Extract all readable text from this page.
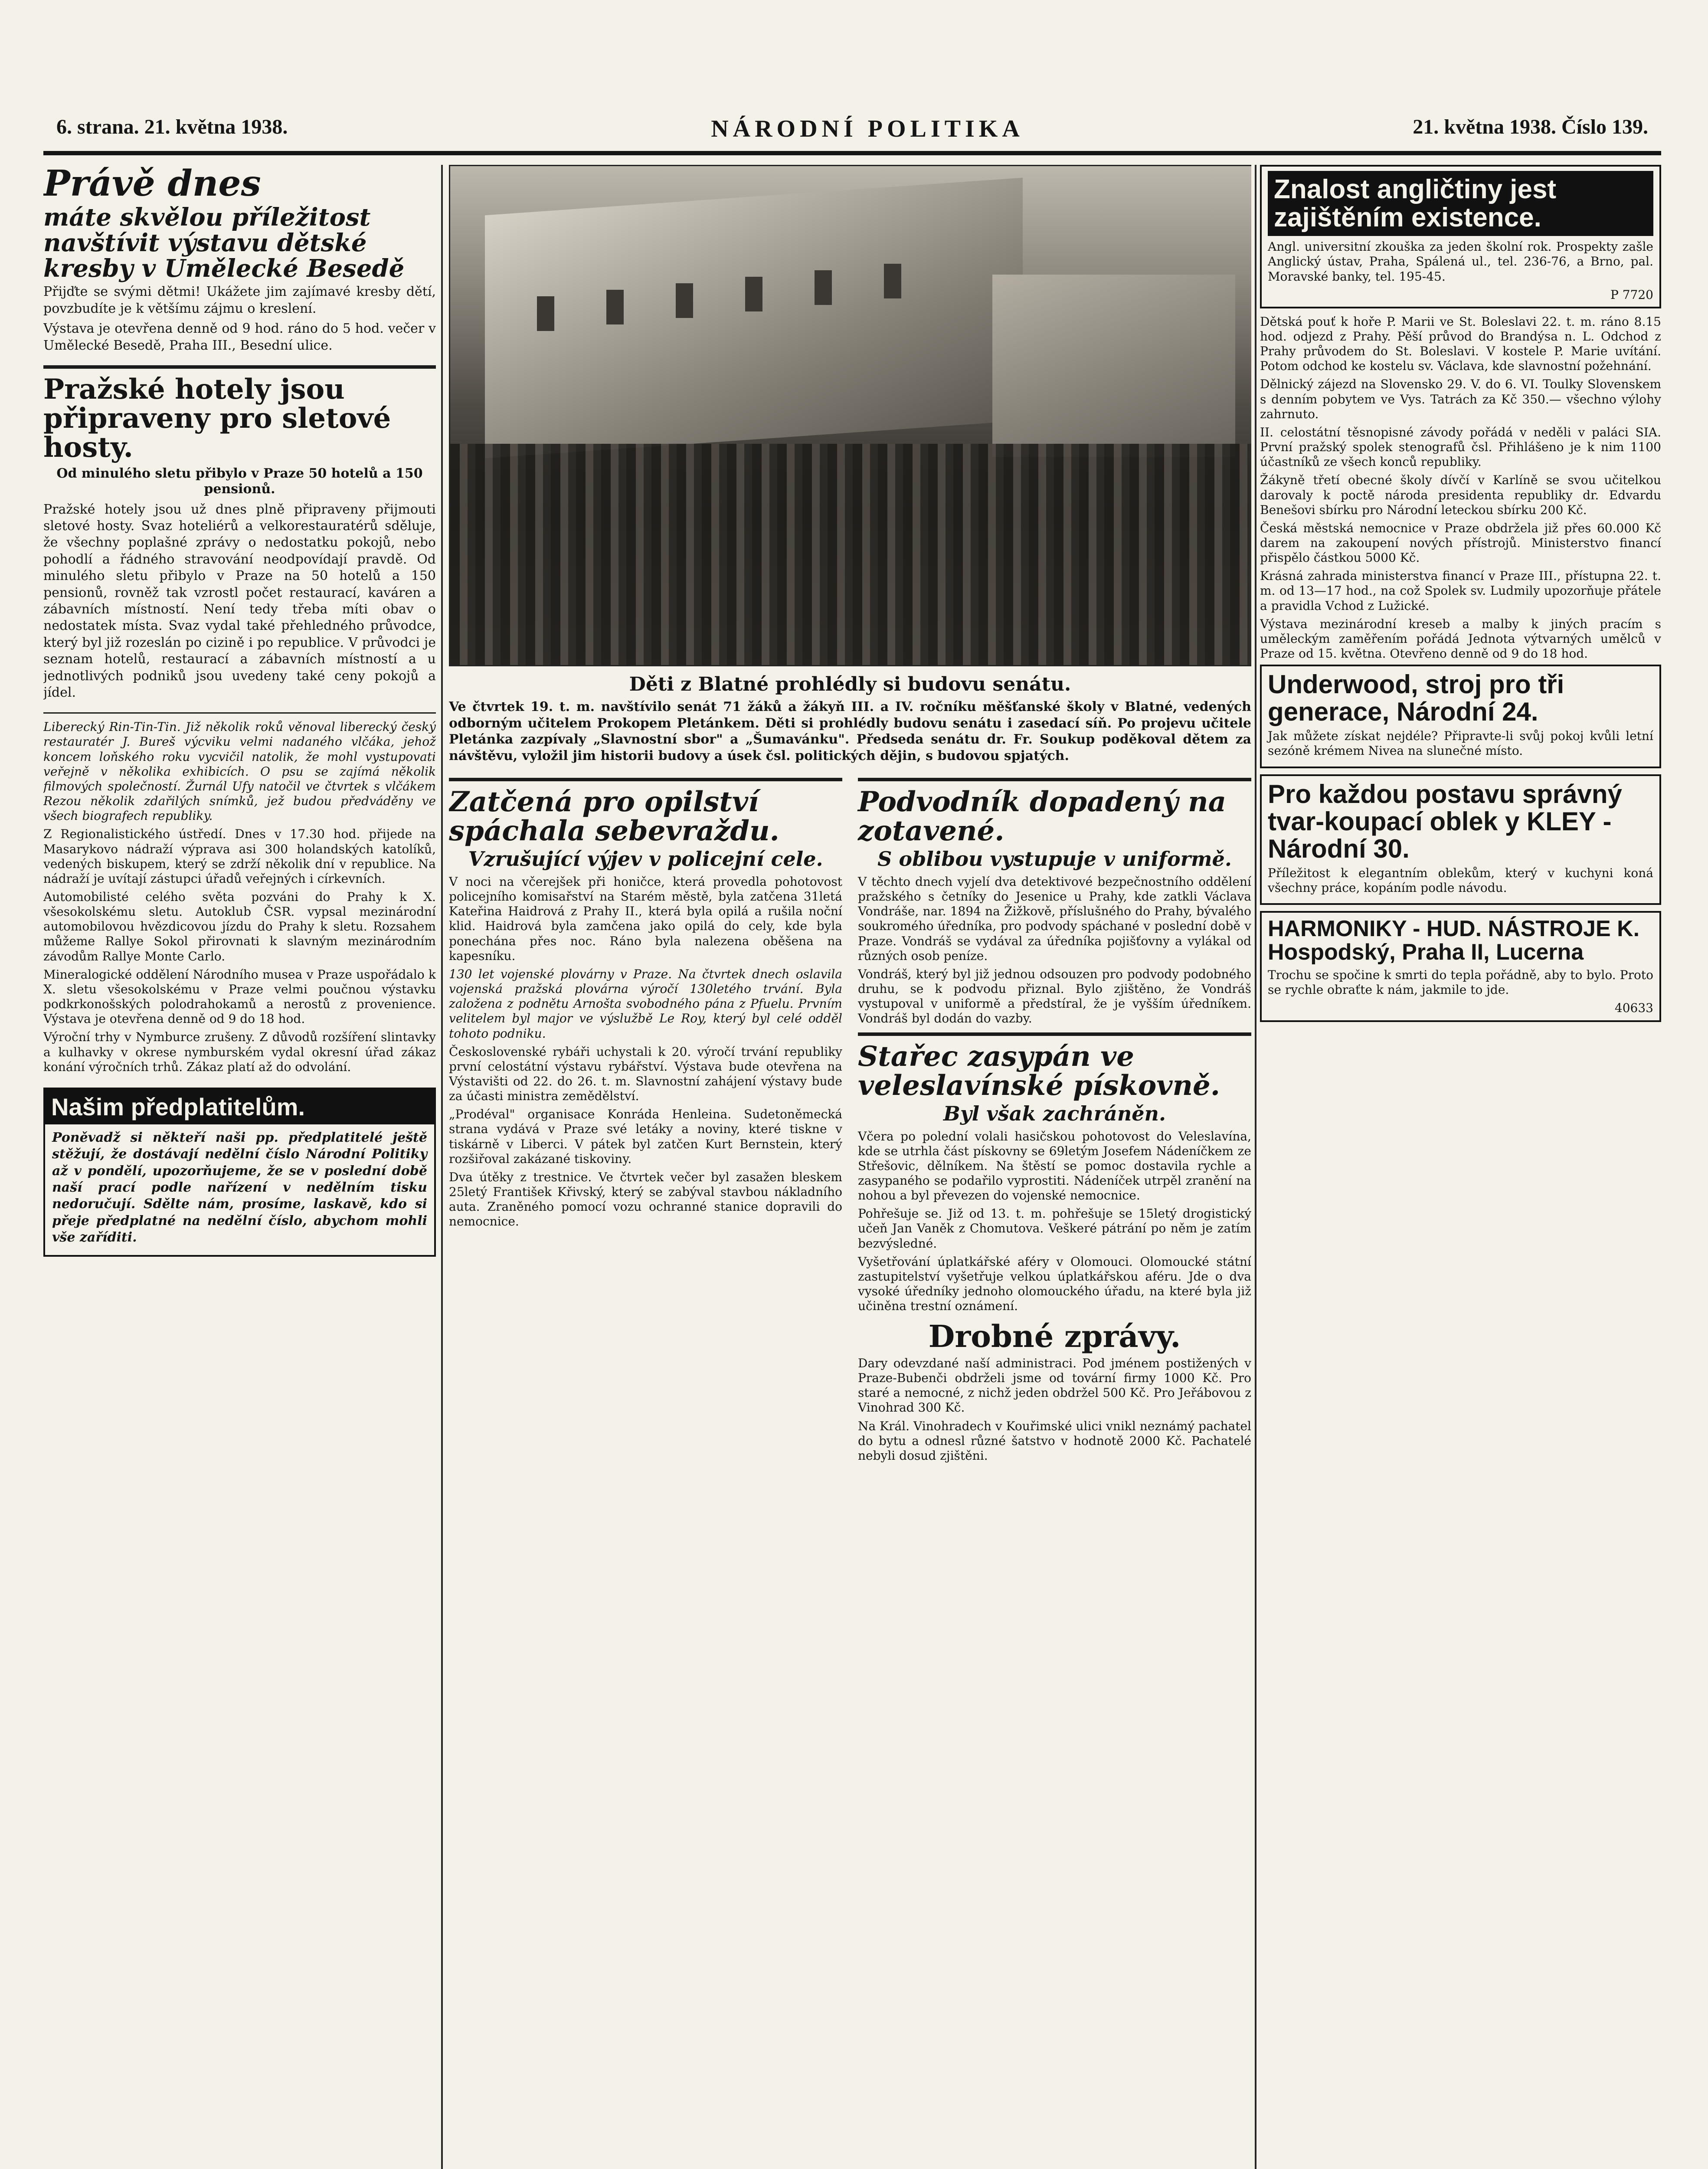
6. strana. 21. května 1938.	NÁRODNÍ POLITIKA	21. května 1938. Číslo 139.
Právě dnes
máte skvělou příležitost navštívit výstavu dětské kresby v Umělecké Besedě

Přijďte se svými dětmi! Ukážete jim zajímavé kresby dětí, povzbudíte je k většímu zájmu o kreslení.

Výstava je otevřena denně od 9 hod. ráno do 5 hod. večer v Umělecké Besedě, Praha III., Besední ulice.

Pražské hotely jsou připraveny pro sletové hosty.
Od minulého sletu přibylo v Praze 50 hotelů a 150 pensionů.

Pražské hotely jsou už dnes plně připraveny přijmouti sletové hosty. Svaz hoteliérů a velkorestauratérů sděluje, že všechny poplašné zprávy o nedostatku pokojů, nebo pohodlí a řádného stravování neodpovídají pravdě. Od minulého sletu přibylo v Praze na 50 hotelů a 150 pensionů, rovněž tak vzrostl počet restaurací, kaváren a zábavních místností. Není tedy třeba míti obav o nedostatek místa. Svaz vydal také přehledného průvodce, který byl již rozeslán po cizině i po republice. V průvodci je seznam hotelů, restaurací a zábavních místností a u jednotlivých podniků jsou uvedeny také ceny pokojů a jídel.

Liberecký Rin-Tin-Tin. Již několik roků věnoval liberecký český restauratér J. Bureš výcviku velmi nadaného vlčáka, jehož koncem loňského roku vycvičil natolik, že mohl vystupovati veřejně v několika exhibicích. O psu se zajímá několik filmových společností. Žurnál Ufy natočil ve čtvrtek s vlčákem Rezou několik zdařilých snímků, jež budou předváděny ve všech biografech republiky.

Z Regionalistického ústředí. Dnes v 17.30 hod. přijede na Masarykovo nádraží výprava asi 300 holandských katolíků, vedených biskupem, který se zdrží několik dní v republice. Na nádraží je uvítají zástupci úřadů veřejných i církevních.

Automobilisté celého světa pozváni do Prahy k X. všesokolskému sletu. Autoklub ČSR. vypsal mezinárodní automobilovou hvězdicovou jízdu do Prahy k sletu. Rozsahem můžeme Rallye Sokol přirovnati k slavným mezinárodním závodům Rallye Monte Carlo.

Mineralogické oddělení Národního musea v Praze uspořádalo k X. sletu všesokolskému v Praze velmi poučnou výstavku podkrkonošských polodrahokamů a nerostů z provenience. Výstava je otevřena denně od 9 do 18 hod.

Výroční trhy v Nymburce zrušeny. Z důvodů rozšíření slintavky a kulhavky v okrese nymburském vydal okresní úřad zákaz konání výročních trhů. Zákaz platí až do odvolání.

Našim předplatitelům.

Poněvadž si někteří naši pp. předplatitelé ještě stěžují, že dostávají nedělní číslo Národní Politiky až v pondělí, upozorňujeme, že se v poslední době naší prací podle nařízení v nedělním tisku nedoručují. Sdělte nám, prosíme, laskavě, kdo si přeje předplatné na nedělní číslo, abychom mohli vše zaříditi.

Děti z Blatné prohlédly si budovu senátu.
Ve čtvrtek 19. t. m. navštívilo senát 71 žáků a žákyň III. a IV. ročníku měšťanské školy v Blatné, vedených odborným učitelem Prokopem Pletánkem. Děti si prohlédly budovu senátu i zasedací síň. Po projevu učitele Pletánka zazpívaly „Slavnostní sbor" a „Šumavánku". Předseda senátu dr. Fr. Soukup poděkoval dětem za návštěvu, vyložil jim historii budovy a úsek čsl. politických dějin, s budovou spjatých.
Zatčená pro opilství spáchala sebevraždu.
Vzrušující výjev v policejní cele.

V noci na včerejšek při honičce, která provedla pohotovost policejního komisařství na Starém městě, byla zatčena 31letá Kateřina Haidrová z Prahy II., která byla opilá a rušila noční klid. Haidrová byla zamčena jako opilá do cely, kde byla ponechána přes noc. Ráno byla nalezena oběšena na kapesníku.

130 let vojenské plovárny v Praze. Na čtvrtek dnech oslavila vojenská pražská plovárna výročí 130letého trvání. Byla založena z podnětu Arnošta svobodného pána z Pfuelu. Prvním velitelem byl major ve výslužbě Le Roy, který byl celé odděl tohoto podniku.

Československé rybáři uchystali k 20. výročí trvání republiky první celostátní výstavu rybářství. Výstava bude otevřena na Výstavišti od 22. do 26. t. m. Slavnostní zahájení výstavy bude za účasti ministra zemědělství.

„Prodéval" organisace Konráda Henleina. Sudetoněmecká strana vydává v Praze své letáky a noviny, které tiskne v tiskárně v Liberci. V pátek byl zatčen Kurt Bernstein, který rozšiřoval zakázané tiskoviny.

Dva útěky z trestnice. Ve čtvrtek večer byl zasažen bleskem 25letý František Křivský, který se zabýval stavbou nákladního auta. Zraněného pomocí vozu ochranné stanice dopravili do nemocnice.

Podvodník dopadený na zotavené.
S oblibou vystupuje v uniformě.

V těchto dnech vyjelí dva detektivové bezpečnostního oddělení pražského s četníky do Jesenice u Prahy, kde zatkli Václava Vondráše, nar. 1894 na Žižkově, příslušného do Prahy, bývalého soukromého úředníka, pro podvody spáchané v poslední době v Praze. Vondráš se vydával za úředníka pojišťovny a vylákal od různých osob peníze.

Vondráš, který byl již jednou odsouzen pro podvody podobného druhu, se k podvodu přiznal. Bylo zjištěno, že Vondráš vystupoval v uniformě a předstíral, že je vyšším úředníkem. Vondráš byl dodán do vazby.

Stařec zasypán ve veleslavínské pískovně.
Byl však zachráněn.

Včera po polední volali hasičskou pohotovost do Veleslavína, kde se utrhla část pískovny se 69letým Josefem Nádeníčkem ze Střešovic, dělníkem. Na štěstí se pomoc dostavila rychle a zasypaného se podařilo vyprostiti. Nádeníček utrpěl zranění na nohou a byl převezen do vojenské nemocnice.

Pohřešuje se. Již od 13. t. m. pohřešuje se 15letý drogistický učeň Jan Vaněk z Chomutova. Veškeré pátrání po něm je zatím bezvýsledné.

Vyšetřování úplatkářské aféry v Olomouci. Olomoucké státní zastupitelství vyšetřuje velkou úplatkářskou aféru. Jde o dva vysoké úředníky jednoho olomouckého úřadu, na které byla již učiněna trestní oznámení.

Drobné zprávy.

Dary odevzdané naší administraci. Pod jménem postižených v Praze-Bubenči obdrželi jsme od tovární firmy 1000 Kč. Pro staré a nemocné, z nichž jeden obdržel 500 Kč. Pro Jeřábovou z Vinohrad 300 Kč.

Na Král. Vinohradech v Kouřimské ulici vnikl neznámý pachatel do bytu a odnesl různé šatstvo v hodnotě 2000 Kč. Pachatelé nebyli dosud zjištěni.

Znalost angličtiny jest zajištěním existence.

Angl. universitní zkouška za jeden školní rok. Prospekty zašle Anglický ústav, Praha, Spálená ul., tel. 236-76, a Brno, pal. Moravské banky, tel. 195-45.

P 7720

Dětská pouť k hoře P. Marii ve St. Boleslavi 22. t. m. ráno 8.15 hod. odjezd z Prahy. Pěší průvod do Brandýsa n. L. Odchod z Prahy průvodem do St. Boleslavi. V kostele P. Marie uvítání. Potom odchod ke kostelu sv. Václava, kde slavnostní požehnání.

Dělnický zájezd na Slovensko 29. V. do 6. VI. Toulky Slovenskem s denním pobytem ve Vys. Tatrách za Kč 350.— všechno výlohy zahrnuto.

II. celostátní těsnopisné závody pořádá v neděli v paláci SIA. První pražský spolek stenografů čsl. Přihlášeno je k nim 1100 účastníků ze všech konců republiky.

Žákyně třetí obecné školy dívčí v Karlíně se svou učitelkou darovaly k poctě národa presidenta republiky dr. Edvardu Benešovi sbírku pro Národní leteckou sbírku 200 Kč.

Česká městská nemocnice v Praze obdržela již přes 60.000 Kč darem na zakoupení nových přístrojů. Ministerstvo financí přispělo částkou 5000 Kč.

Krásná zahrada ministerstva financí v Praze III., přístupna 22. t. m. od 13—17 hod., na což Spolek sv. Ludmily upozorňuje přátele a pravidla Vchod z Lužické.

Výstava mezinárodní kreseb a malby k jiných pracím s uměleckým zaměřením pořádá Jednota výtvarných umělců v Praze od 15. května. Otevřeno denně od 9 do 18 hod.

Underwood, stroj pro tři generace, Národní 24.

Jak můžete získat nejdéle? Připravte-li svůj pokoj kvůli letní sezóně krémem Nivea na slunečné místo.

Pro každou postavu správný tvar-koupací oblek y KLEY - Národní 30.

Příležitost k elegantním oblekům, který v kuchyni koná všechny práce, kopáním podle návodu.

HARMONIKY - HUD. NÁSTROJE K. Hospodský, Praha II, Lucerna

Trochu se spočine k smrti do tepla pořádně, aby to bylo. Proto se rychle obraťte k nám, jakmile to jde.

40633
